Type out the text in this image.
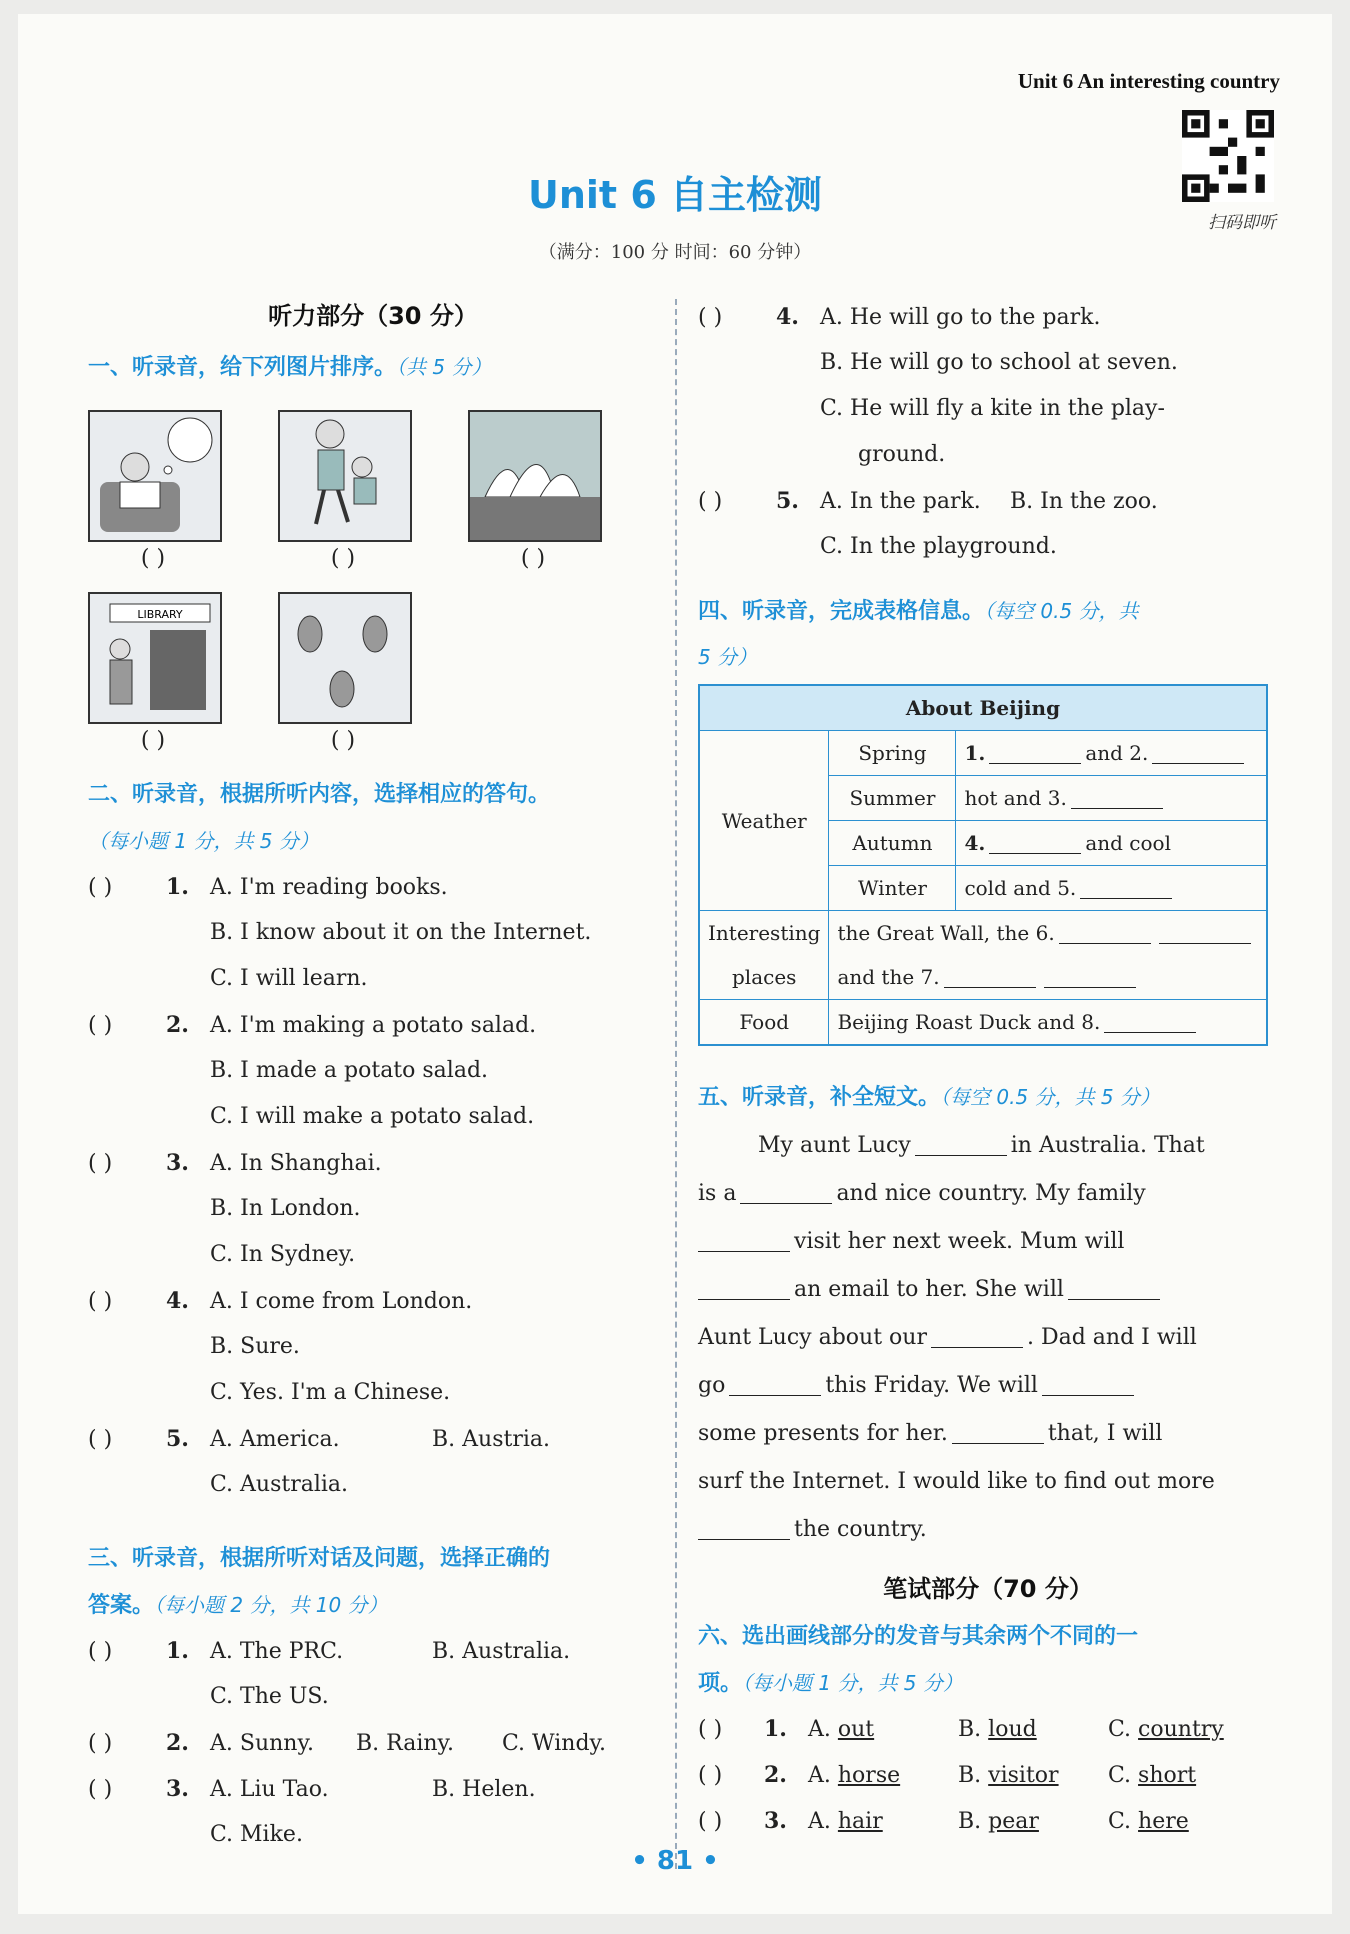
Unit 6 An interesting country
扫码即听
Unit 6 自主检测
（满分：100 分 时间：60 分钟）
听力部分（30 分）
一、听录音，给下列图片排序。（共 5 分）
( )	( )	( )
LIBRARY
( )	( )
二、听录音，根据所听内容，选择相应的答句。
（每小题 1 分，共 5 分）
( ) 1. A. I'm reading books.
B. I know about it on the Internet.
C. I will learn.
( ) 2. A. I'm making a potato salad.
B. I made a potato salad.
C. I will make a potato salad.
( ) 3. A. In Shanghai.
B. In London.
C. In Sydney.
( ) 4. A. I come from London.
B. Sure.
C. Yes. I'm a Chinese.
( ) 5. A. America.	B. Austria.
C. Australia.
三、听录音，根据所听对话及问题，选择正确的
答案。（每小题 2 分，共 10 分）
( ) 1. A. The PRC.	B. Australia.
C. The US.
( ) 2. A. Sunny. B. Rainy. C. Windy.
( ) 3. A. Liu Tao.	B. Helen.
C. Mike.
( ) 4. A. He will go to the park.
B. He will go to school at seven.
C. He will fly a kite in the play-
ground.
( ) 5. A. In the park. B. In the zoo.
C. In the playground.
四、听录音，完成表格信息。（每空 0.5 分，共
5 分）
About Beijing		
Weather	Spring	1. and 2.
	Summer	hot and 3.
	Autumn	4. and cool
	Winter	cold and 5.
Interesting
places	the Great Wall, the 6.
and the 7.	
Food	Beijing Roast Duck and 8.	
五、听录音，补全短文。（每空 0.5 分，共 5 分）
My aunt Lucy	in Australia. That
is a	and nice country. My family
visit her next week. Mum will
an email to her. She will
Aunt Lucy about our	. Dad and I will
go	this Friday. We will
some presents for her.	that, I will
surf the Internet. I would like to find out more
the country.
笔试部分（70 分）
六、选出画线部分的发音与其余两个不同的一
项。（每小题 1 分，共 5 分）
( ) 1. A. out	B. loud	C. country
( ) 2. A. horse	B. visitor C. short
( ) 3. A. hair	B. pear	C. here
• 81 •
